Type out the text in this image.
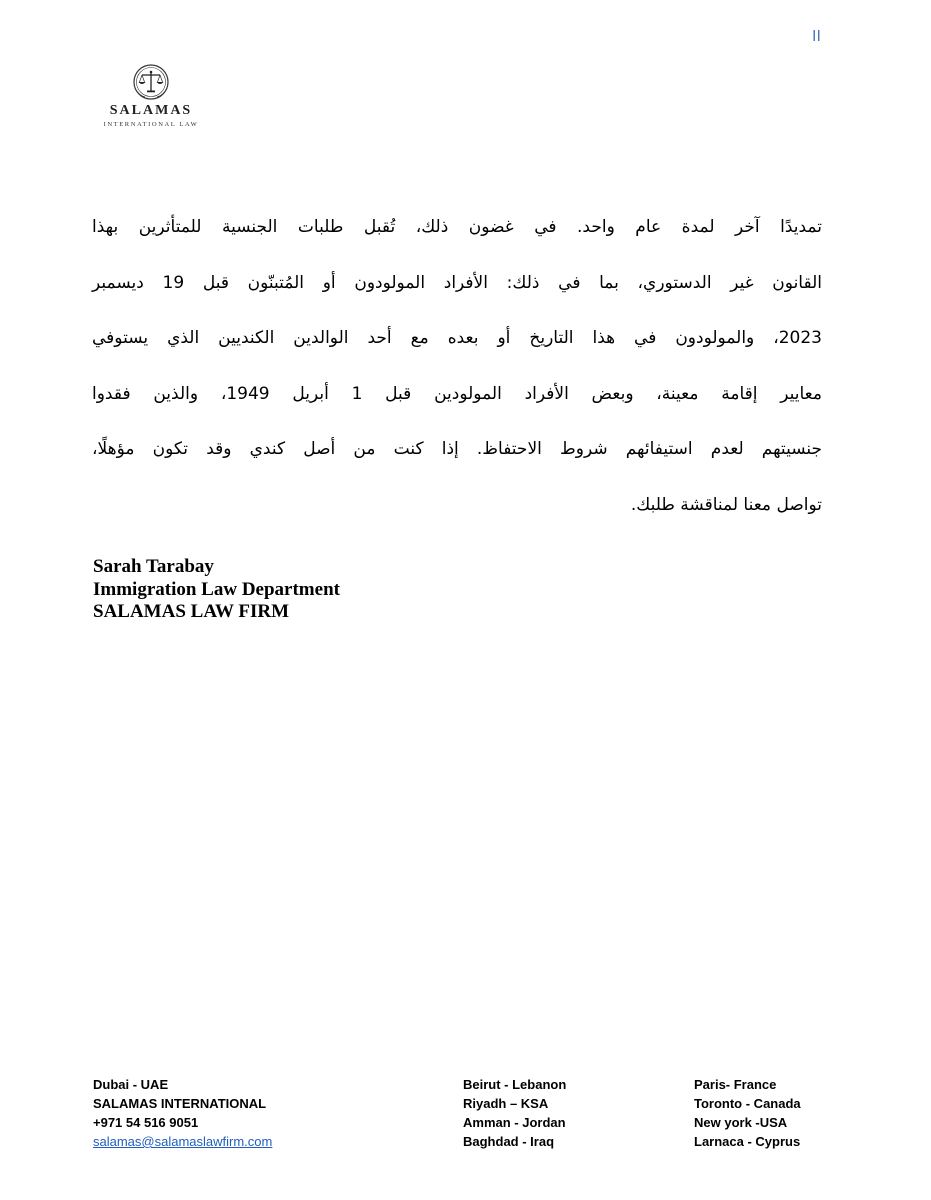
II
SALAMAS
INTERNATIONAL LAW
تمديدًا آخر لمدة عام واحد. في غضون ذلك، تُقبل طلبات الجنسية للمتأثرين بهذا
القانون غير الدستوري، بما في ذلك: الأفراد المولودون أو المُتبنّون قبل 19 ديسمبر
2023، والمولودون في هذا التاريخ أو بعده مع أحد الوالدين الكنديين الذي يستوفي
معايير إقامة معينة، وبعض الأفراد المولودين قبل 1 أبريل 1949، والذين فقدوا
جنسيتهم لعدم استيفائهم شروط الاحتفاظ. إذا كنت من أصل كندي وقد تكون مؤهلًا،
تواصل معنا لمناقشة طلبك.
Sarah Tarabay
Immigration Law Department
SALAMAS LAW FIRM
Dubai - UAE
SALAMAS INTERNATIONAL
+971 54 516 9051
salamas@salamaslawfirm.com
Beirut - Lebanon
Riyadh – KSA
Amman - Jordan
Baghdad - Iraq
Paris- France
Toronto - Canada
New york -USA
Larnaca - Cyprus
